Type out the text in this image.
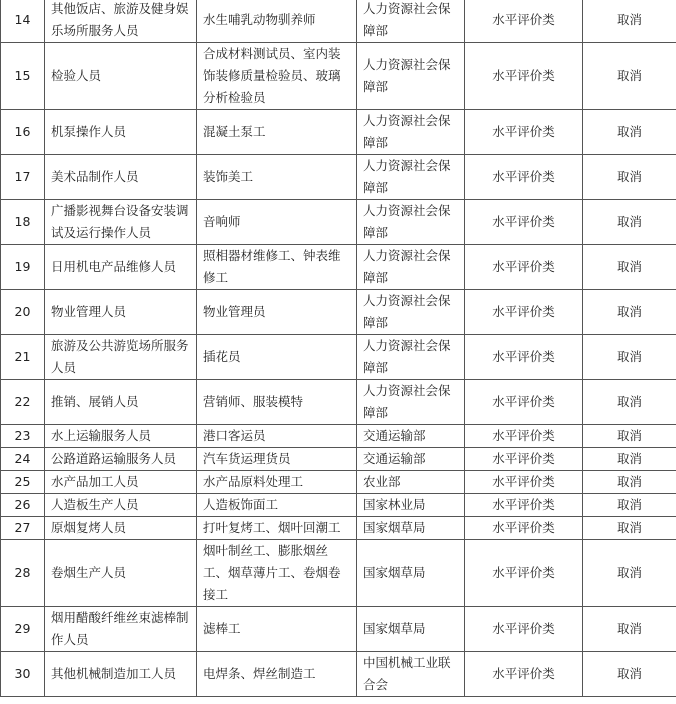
14	其他饭店、旅游及健身娱乐场所服务人员	水生哺乳动物驯养师	人力资源社会保障部	水平评价类	取消
15	检验人员	合成材料测试员、室内装饰装修质量检验员、玻璃分析检验员	人力资源社会保障部	水平评价类	取消
16	机泵操作人员	混凝土泵工	人力资源社会保障部	水平评价类	取消
17	美术品制作人员	装饰美工	人力资源社会保障部	水平评价类	取消
18	广播影视舞台设备安装调试及运行操作人员	音响师	人力资源社会保障部	水平评价类	取消
19	日用机电产品维修人员	照相器材维修工、钟表维修工	人力资源社会保障部	水平评价类	取消
20	物业管理人员	物业管理员	人力资源社会保障部	水平评价类	取消
21	旅游及公共游览场所服务人员	插花员	人力资源社会保障部	水平评价类	取消
22	推销、展销人员	营销师、服装模特	人力资源社会保障部	水平评价类	取消
23	水上运输服务人员	港口客运员	交通运输部	水平评价类	取消
24	公路道路运输服务人员	汽车货运理货员	交通运输部	水平评价类	取消
25	水产品加工人员	水产品原料处理工	农业部	水平评价类	取消
26	人造板生产人员	人造板饰面工	国家林业局	水平评价类	取消
27	原烟复烤人员	打叶复烤工、烟叶回潮工	国家烟草局	水平评价类	取消
28	卷烟生产人员	烟叶制丝工、膨胀烟丝工、烟草薄片工、卷烟卷接工	国家烟草局	水平评价类	取消
29	烟用醋酸纤维丝束滤棒制作人员	滤棒工	国家烟草局	水平评价类	取消
30	其他机械制造加工人员	电焊条、焊丝制造工	中国机械工业联合会	水平评价类	取消
